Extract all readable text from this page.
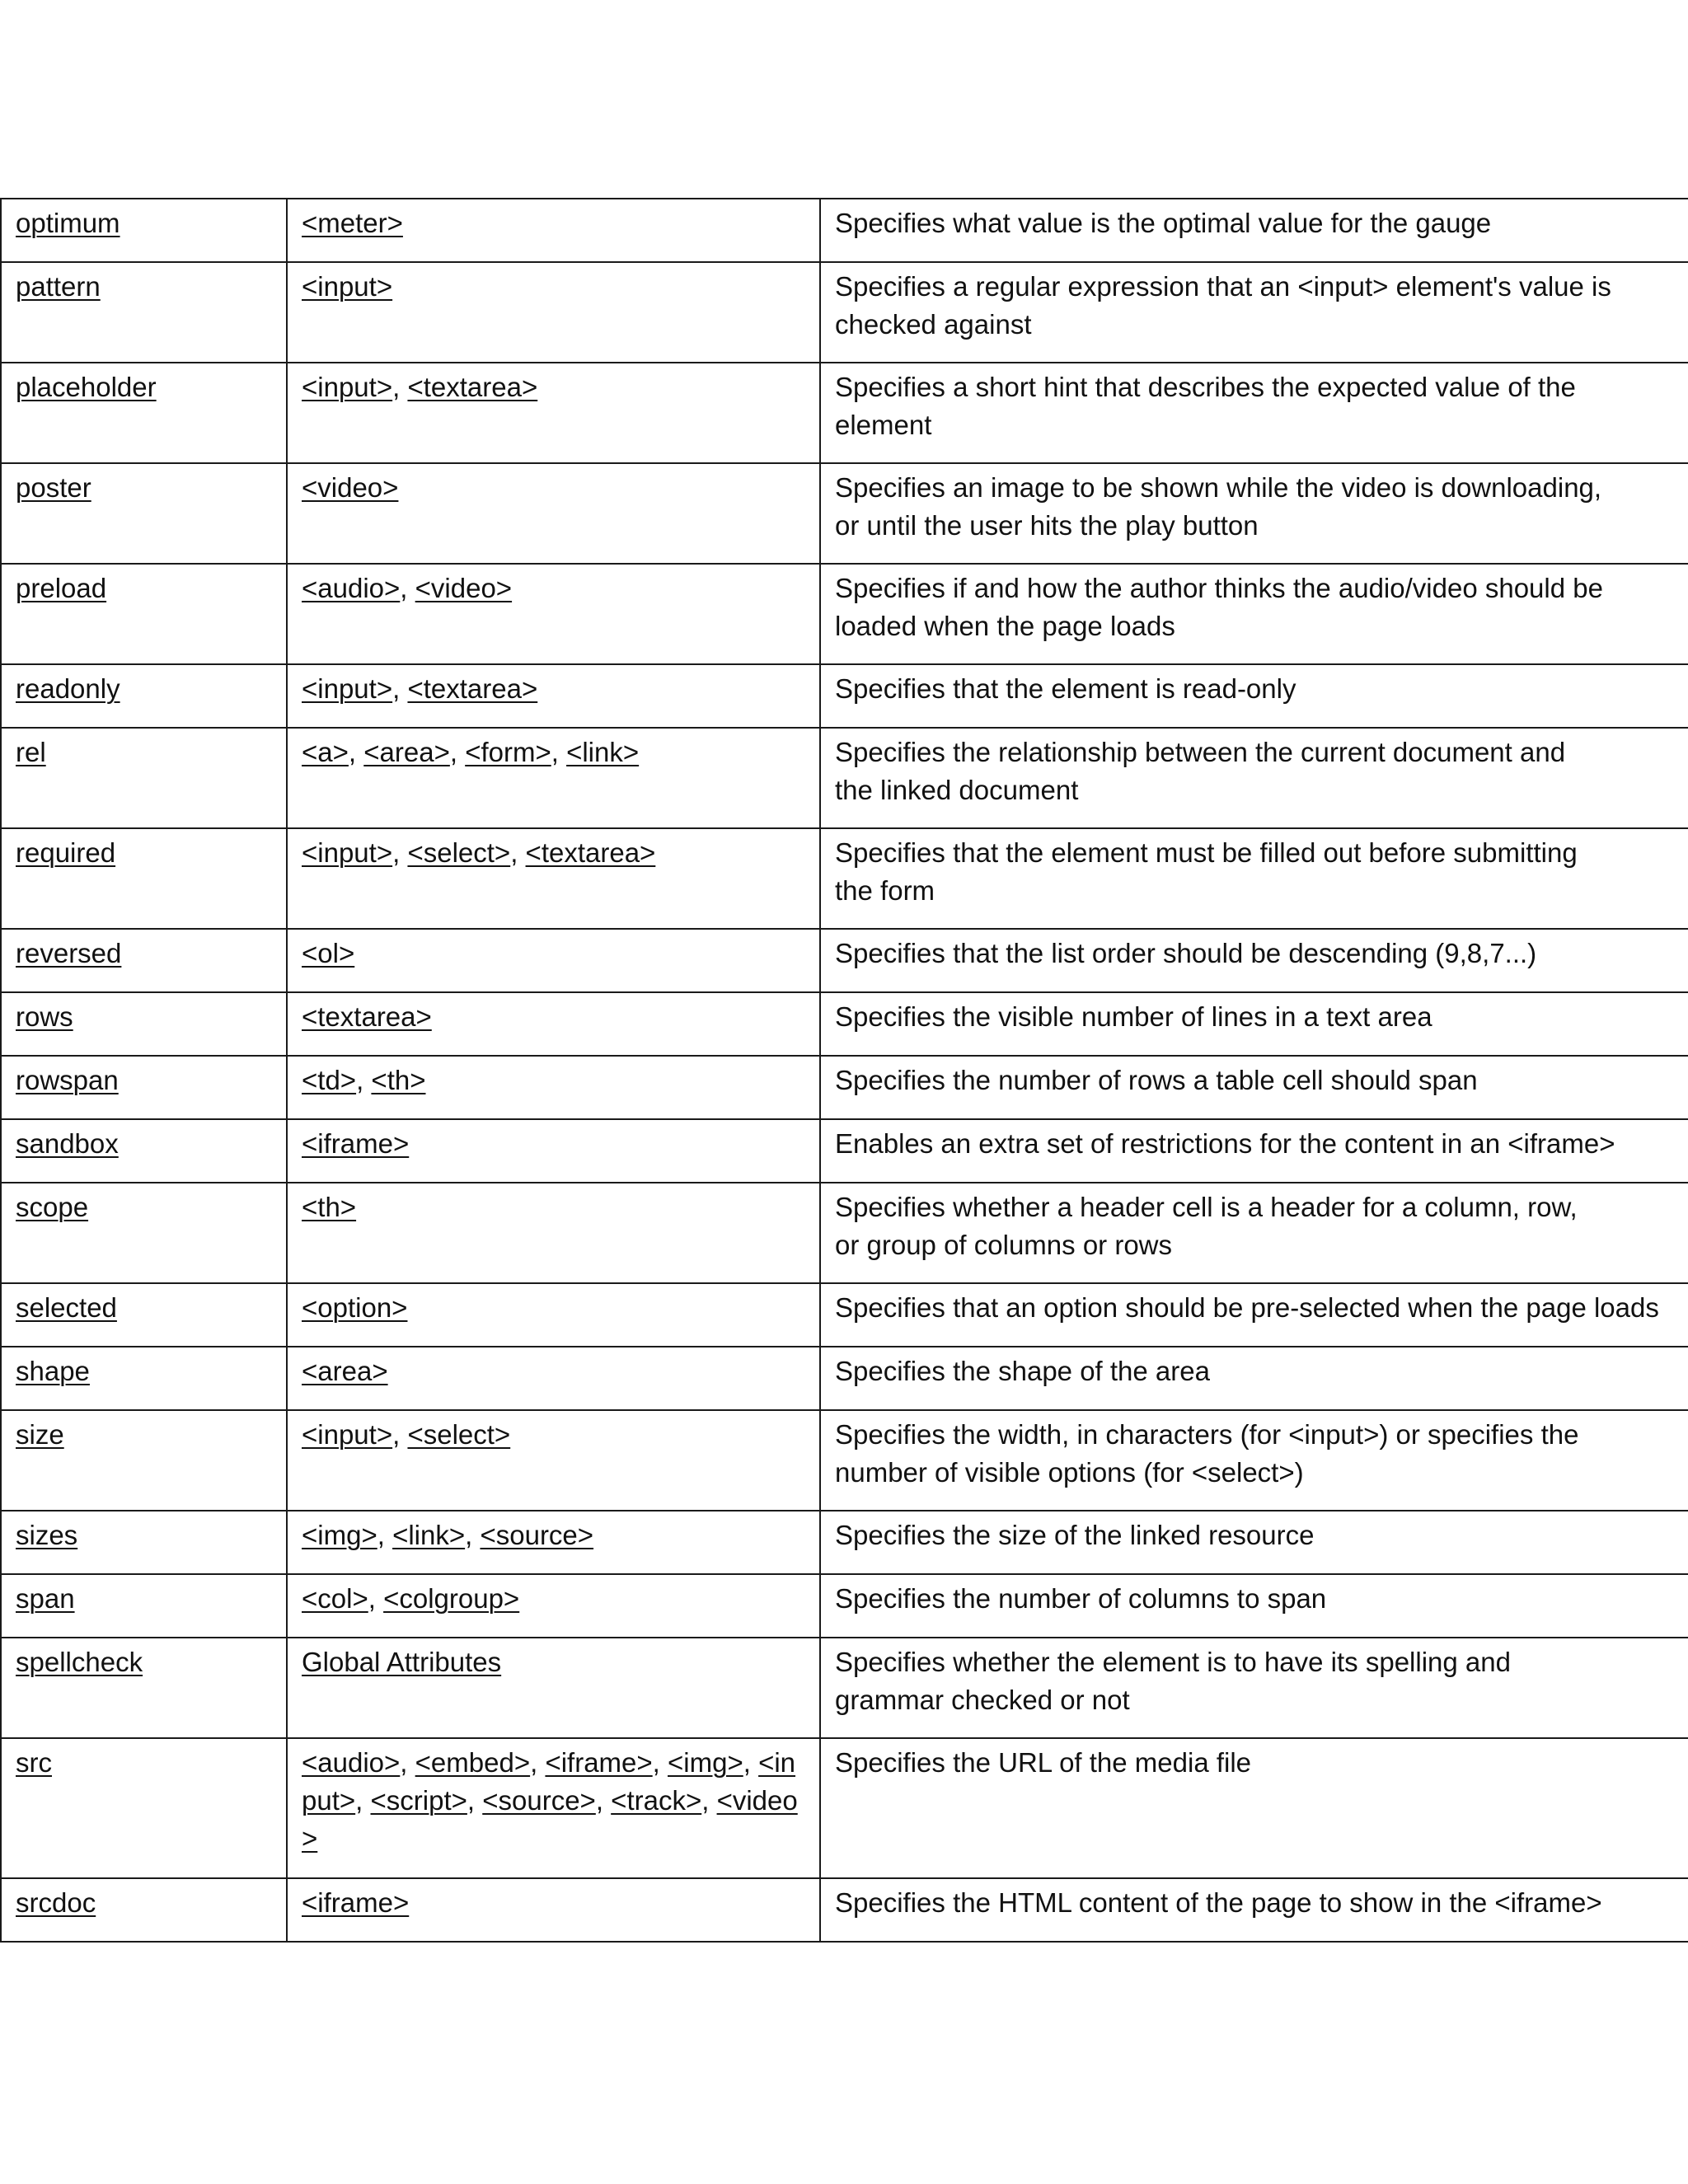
optimum	<meter>	Specifies what value is the optimal value for the gauge
pattern	<input>	Specifies a regular expression that an <input> element's value is
checked against
placeholder	<input>, <textarea>	Specifies a short hint that describes the expected value of the
element
poster	<video>	Specifies an image to be shown while the video is downloading,
or until the user hits the play button
preload	<audio>, <video>	Specifies if and how the author thinks the audio/video should be
loaded when the page loads
readonly	<input>, <textarea>	Specifies that the element is read-only
rel	<a>, <area>, <form>, <link>	Specifies the relationship between the current document and
the linked document
required	<input>, <select>, <textarea>	Specifies that the element must be filled out before submitting
the form
reversed	<ol>	Specifies that the list order should be descending (9,8,7...)
rows	<textarea>	Specifies the visible number of lines in a text area
rowspan	<td>, <th>	Specifies the number of rows a table cell should span
sandbox	<iframe>	Enables an extra set of restrictions for the content in an <iframe>
scope	<th>	Specifies whether a header cell is a header for a column, row,
or group of columns or rows
selected	<option>	Specifies that an option should be pre-selected when the page loads
shape	<area>	Specifies the shape of the area
size	<input>, <select>	Specifies the width, in characters (for <input>) or specifies the
number of visible options (for <select>)
sizes	<img>, <link>, <source>	Specifies the size of the linked resource
span	<col>, <colgroup>	Specifies the number of columns to span
spellcheck	Global Attributes	Specifies whether the element is to have its spelling and
grammar checked or not
src	<audio>, <embed>, <iframe>, <img>, <input>, <script>, <source>, <track>, <video>	Specifies the URL of the media file
srcdoc	<iframe>	Specifies the HTML content of the page to show in the <iframe>
